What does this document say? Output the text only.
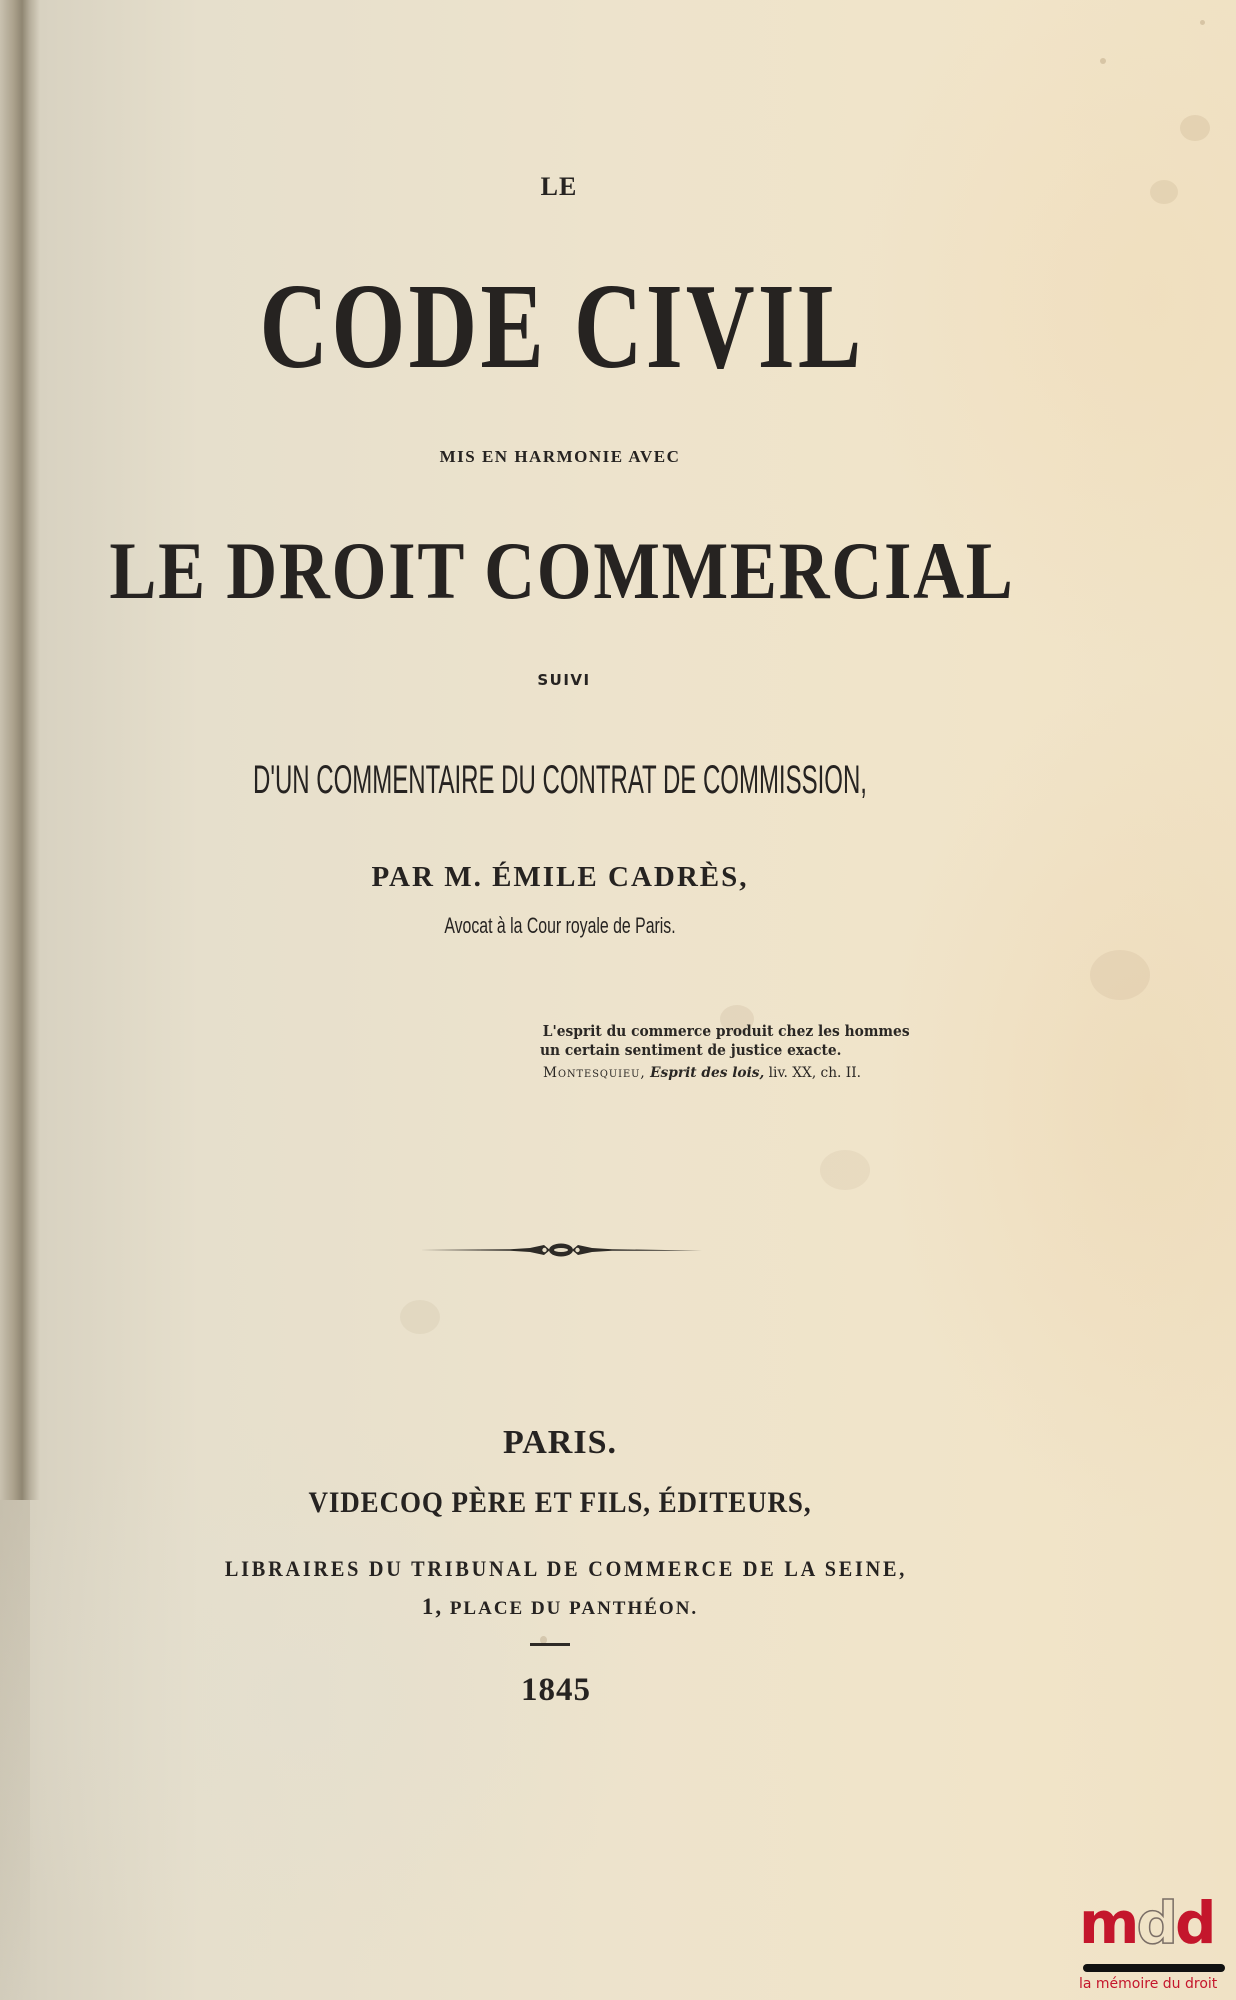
LE
CODE CIVIL
MIS EN HARMONIE AVEC
LE DROIT COMMERCIAL
SUIVI
D'UN COMMENTAIRE DU CONTRAT DE COMMISSION,
PAR M. ÉMILE CADRÈS,
Avocat à la Cour royale de Paris.
L'esprit du commerce produit chez les hommes
un certain sentiment de justice exacte.
Montesquieu, Esprit des lois, liv. XX, ch. II.
PARIS.
VIDECOQ PÈRE ET FILS, ÉDITEURS,
LIBRAIRES DU TRIBUNAL DE COMMERCE DE LA SEINE,
1, PLACE DU PANTHÉON.
1845
mdd
la mémoire du droit
